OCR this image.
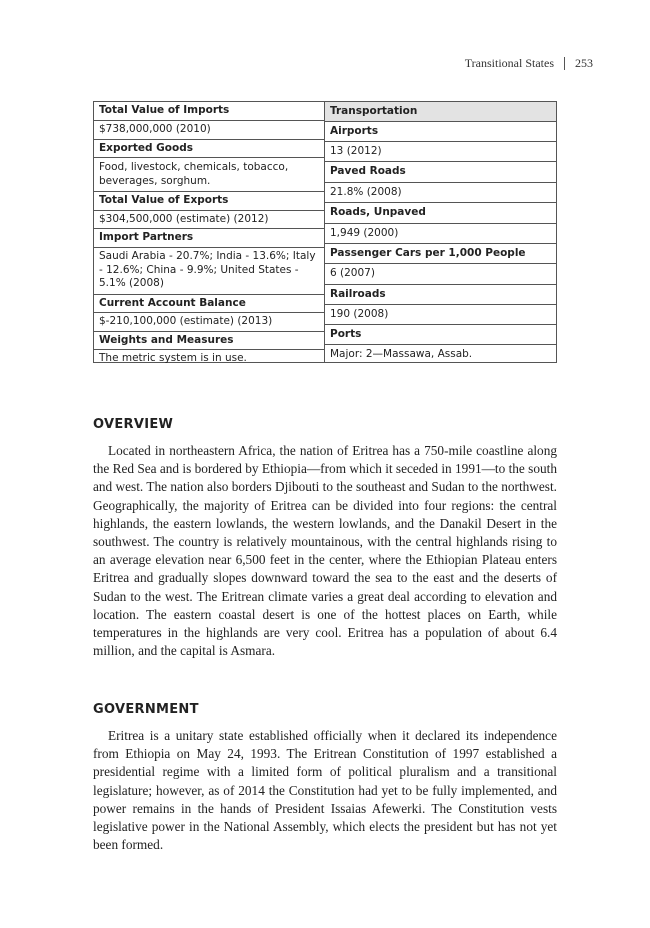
Transitional States 253
Total Value of Imports
$738,000,000 (2010)
Exported Goods
Food, livestock, chemicals, tobacco, beverages, sorghum.
Total Value of Exports
$304,500,000 (estimate) (2012)
Import Partners
Saudi Arabia - 20.7%; India - 13.6%; Italy - 12.6%; China - 9.9%; United States - 5.1% (2008)
Current Account Balance
$-210,100,000 (estimate) (2013)
Weights and Measures
The metric system is in use.
Transportation
Airports
13 (2012)
Paved Roads
21.8% (2008)
Roads, Unpaved
1,949 (2000)
Passenger Cars per 1,000 People
6 (2007)
Railroads
190 (2008)
Ports
Major: 2—Massawa, Assab.
OVERVIEW
Located in northeastern Africa, the nation of Eritrea has a 750-mile coastline along the Red Sea and is bordered by Ethiopia—from which it seceded in 1991—to the south and west. The nation also borders Djibouti to the southeast and Sudan to the northwest. Geographically, the majority of Eritrea can be divided into four regions: the central highlands, the eastern lowlands, the western lowlands, and the Danakil Desert in the southwest. The country is relatively mountainous, with the central highlands rising to an average elevation near 6,500 feet in the center, where the Ethiopian Plateau enters Eritrea and gradually slopes downward toward the sea to the east and the deserts of Sudan to the west. The Eritrean climate varies a great deal according to elevation and location. The eastern coastal desert is one of the hottest places on Earth, while temperatures in the highlands are very cool. Eritrea has a population of about 6.4 million, and the capital is Asmara.
GOVERNMENT
Eritrea is a unitary state established officially when it declared its independence from Ethiopia on May 24, 1993. The Eritrean Constitution of 1997 established a presidential regime with a limited form of political pluralism and a transitional legislature; however, as of 2014 the Constitution had yet to be fully implemented, and power remains in the hands of President Issaias Afewerki. The Constitution vests legislative power in the National Assembly, which elects the president but has not yet been formed.
